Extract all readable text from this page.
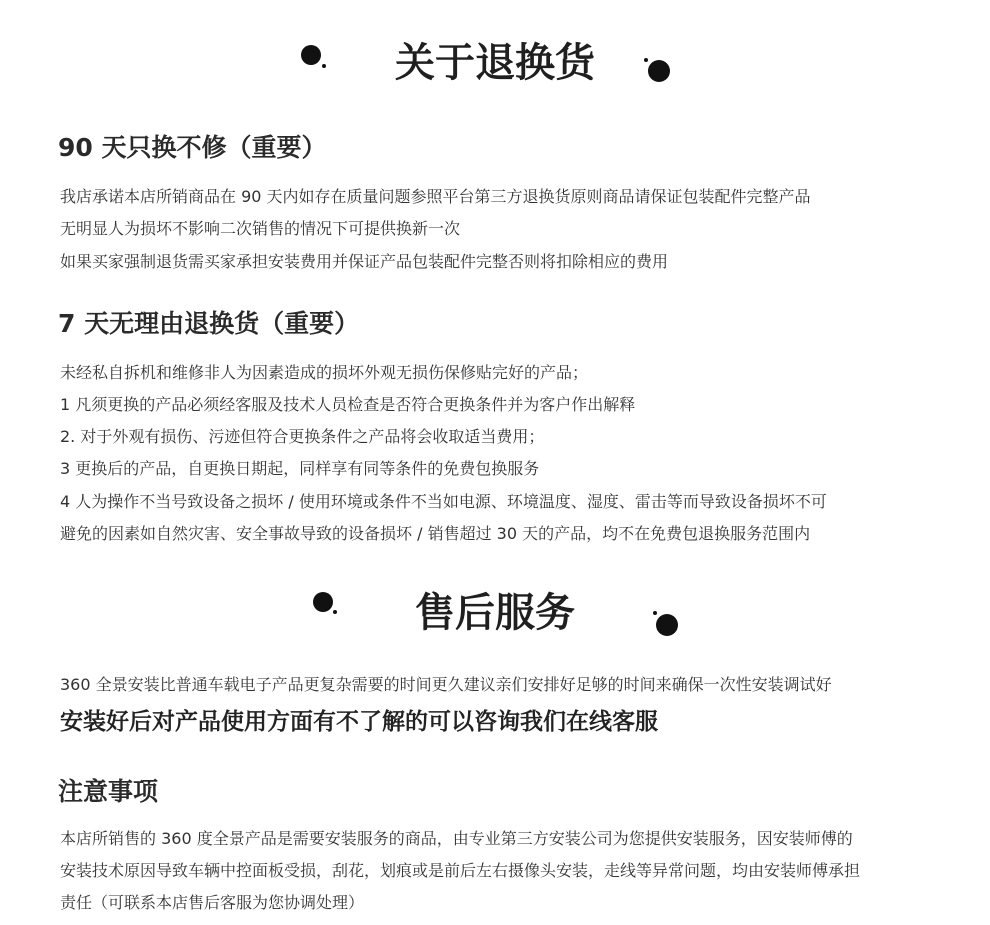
关于退换货
90 天只换不修（重要）
我店承诺本店所销商品在 90 天内如存在质量问题参照平台第三方退换货原则商品请保证包装配件完整产品
无明显人为损坏不影响二次销售的情况下可提供换新一次
如果买家强制退货需买家承担安装费用并保证产品包装配件完整否则将扣除相应的费用
7 天无理由退换货（重要）
未经私自拆机和维修非人为因素造成的损坏外观无损伤保修贴完好的产品；
1 凡须更换的产品必须经客服及技术人员检查是否符合更换条件并为客户作出解释
2. 对于外观有损伤、污迹但符合更换条件之产品将会收取适当费用；
3 更换后的产品，自更换日期起，同样享有同等条件的免费包换服务
4 人为操作不当号致设备之损坏 / 使用环境或条件不当如电源、环境温度、湿度、雷击等而导致设备损坏不可
避免的因素如自然灾害、安全事故导致的设备损坏 / 销售超过 30 天的产品，均不在免费包退换服务范围内
售后服务
360 全景安装比普通车载电子产品更复杂需要的时间更久建议亲们安排好足够的时间来确保一次性安装调试好
安装好后对产品使用方面有不了解的可以咨询我们在线客服
注意事项
本店所销售的 360 度全景产品是需要安装服务的商品，由专业第三方安装公司为您提供安装服务，因安装师傅的
安装技术原因导致车辆中控面板受损，刮花，划痕或是前后左右摄像头安装，走线等异常问题，均由安装师傅承担
责任（可联系本店售后客服为您协调处理）
